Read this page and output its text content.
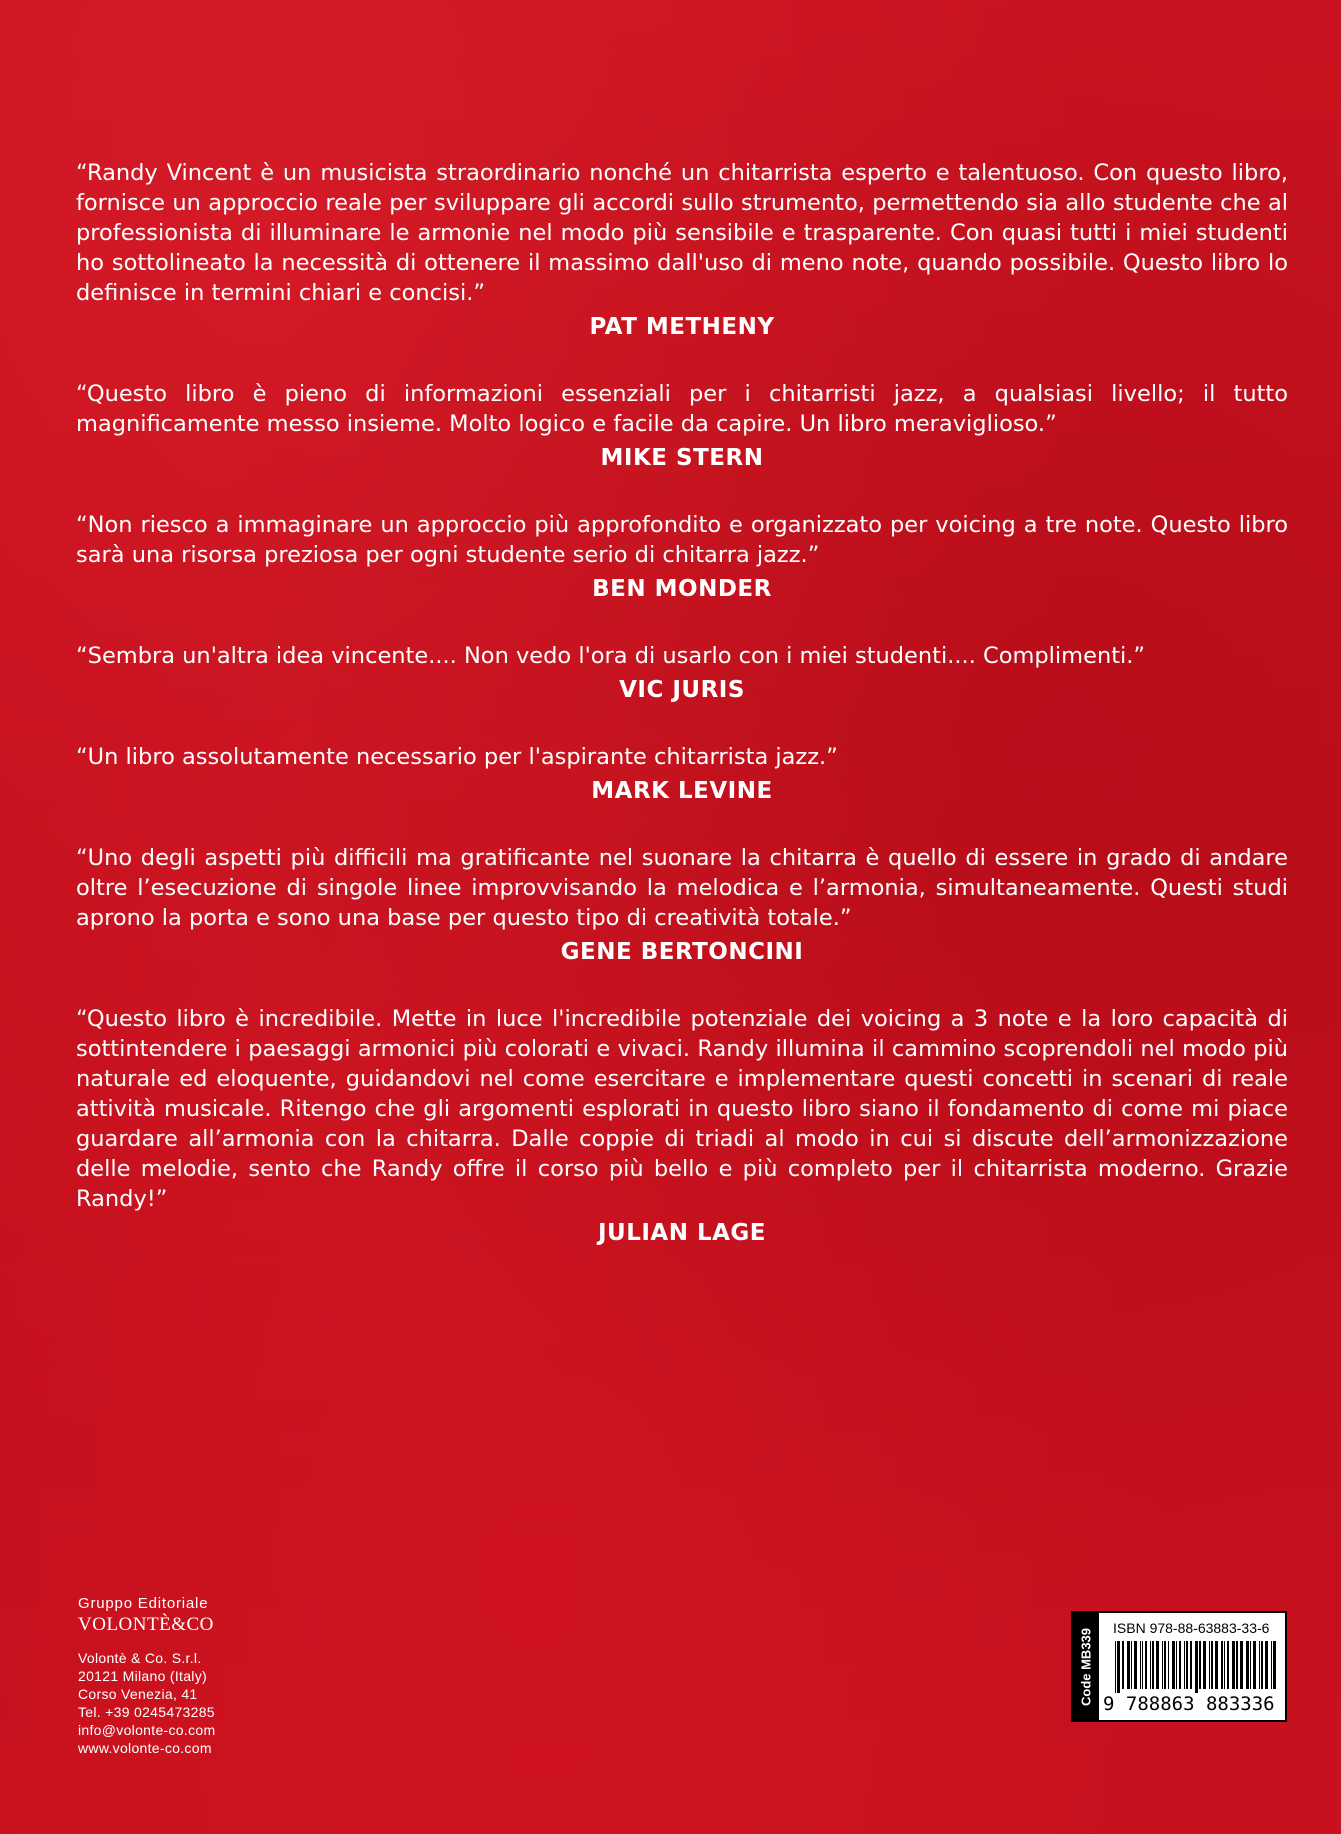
“Randy Vincent è un musicista straordinario nonché un chitarrista esperto e talentuoso. Con questo libro, fornisce un approccio reale per sviluppare gli accordi sullo strumento, permettendo sia allo studente che al professionista di illuminare le armonie nel modo più sensibile e trasparente. Con quasi tutti i miei studenti ho sottolineato la necessità di ottenere il massimo dall'uso di meno note, quando possibile. Questo libro lo definisce in termini chiari e concisi.”

PAT METHENY

“Questo libro è pieno di informazioni essenziali per i chitarristi jazz, a qualsiasi livello; il tutto magnificamente messo insieme. Molto logico e facile da capire. Un libro meraviglioso.”

MIKE STERN

“Non riesco a immaginare un approccio più approfondito e organizzato per voicing a tre note. Questo libro sarà una risorsa preziosa per ogni studente serio di chitarra jazz.”

BEN MONDER

“Sembra un'altra idea vincente.... Non vedo l'ora di usarlo con i miei studenti.... Complimenti.”

VIC JURIS

“Un libro assolutamente necessario per l'aspirante chitarrista jazz.”

MARK LEVINE

“Uno degli aspetti più difficili ma gratificante nel suonare la chitarra è quello di essere in grado di andare oltre l’esecuzione di singole linee improvvisando la melodica e l’armonia, simultaneamente. Questi studi aprono la porta e sono una base per questo tipo di creatività totale.”

GENE BERTONCINI

“Questo libro è incredibile. Mette in luce l'incredibile potenziale dei voicing a 3 note e la loro capacità di sottintendere i paesaggi armonici più colorati e vivaci. Randy illumina il cammino scoprendoli nel modo più naturale ed eloquente, guidandovi nel come esercitare e implementare questi concetti in scenari di reale attività musicale. Ritengo che gli argomenti esplorati in questo libro siano il fondamento di come mi piace guardare all’armonia con la chitarra. Dalle coppie di triadi al modo in cui si discute dell’armonizzazione delle melodie, sento che Randy offre il corso più bello e più completo per il chitarrista moderno. Grazie Randy!”

JULIAN LAGE
Gruppo Editoriale
VOLONTÈ&CO
Volontè & Co. S.r.l.
20121 Milano (Italy)
Corso Venezia, 41
Tel. +39 0245473285
info@volonte-co.com
www.volonte-co.com
Code MB339 ISBN 978-88-63883-33-6
9 788863 883336
